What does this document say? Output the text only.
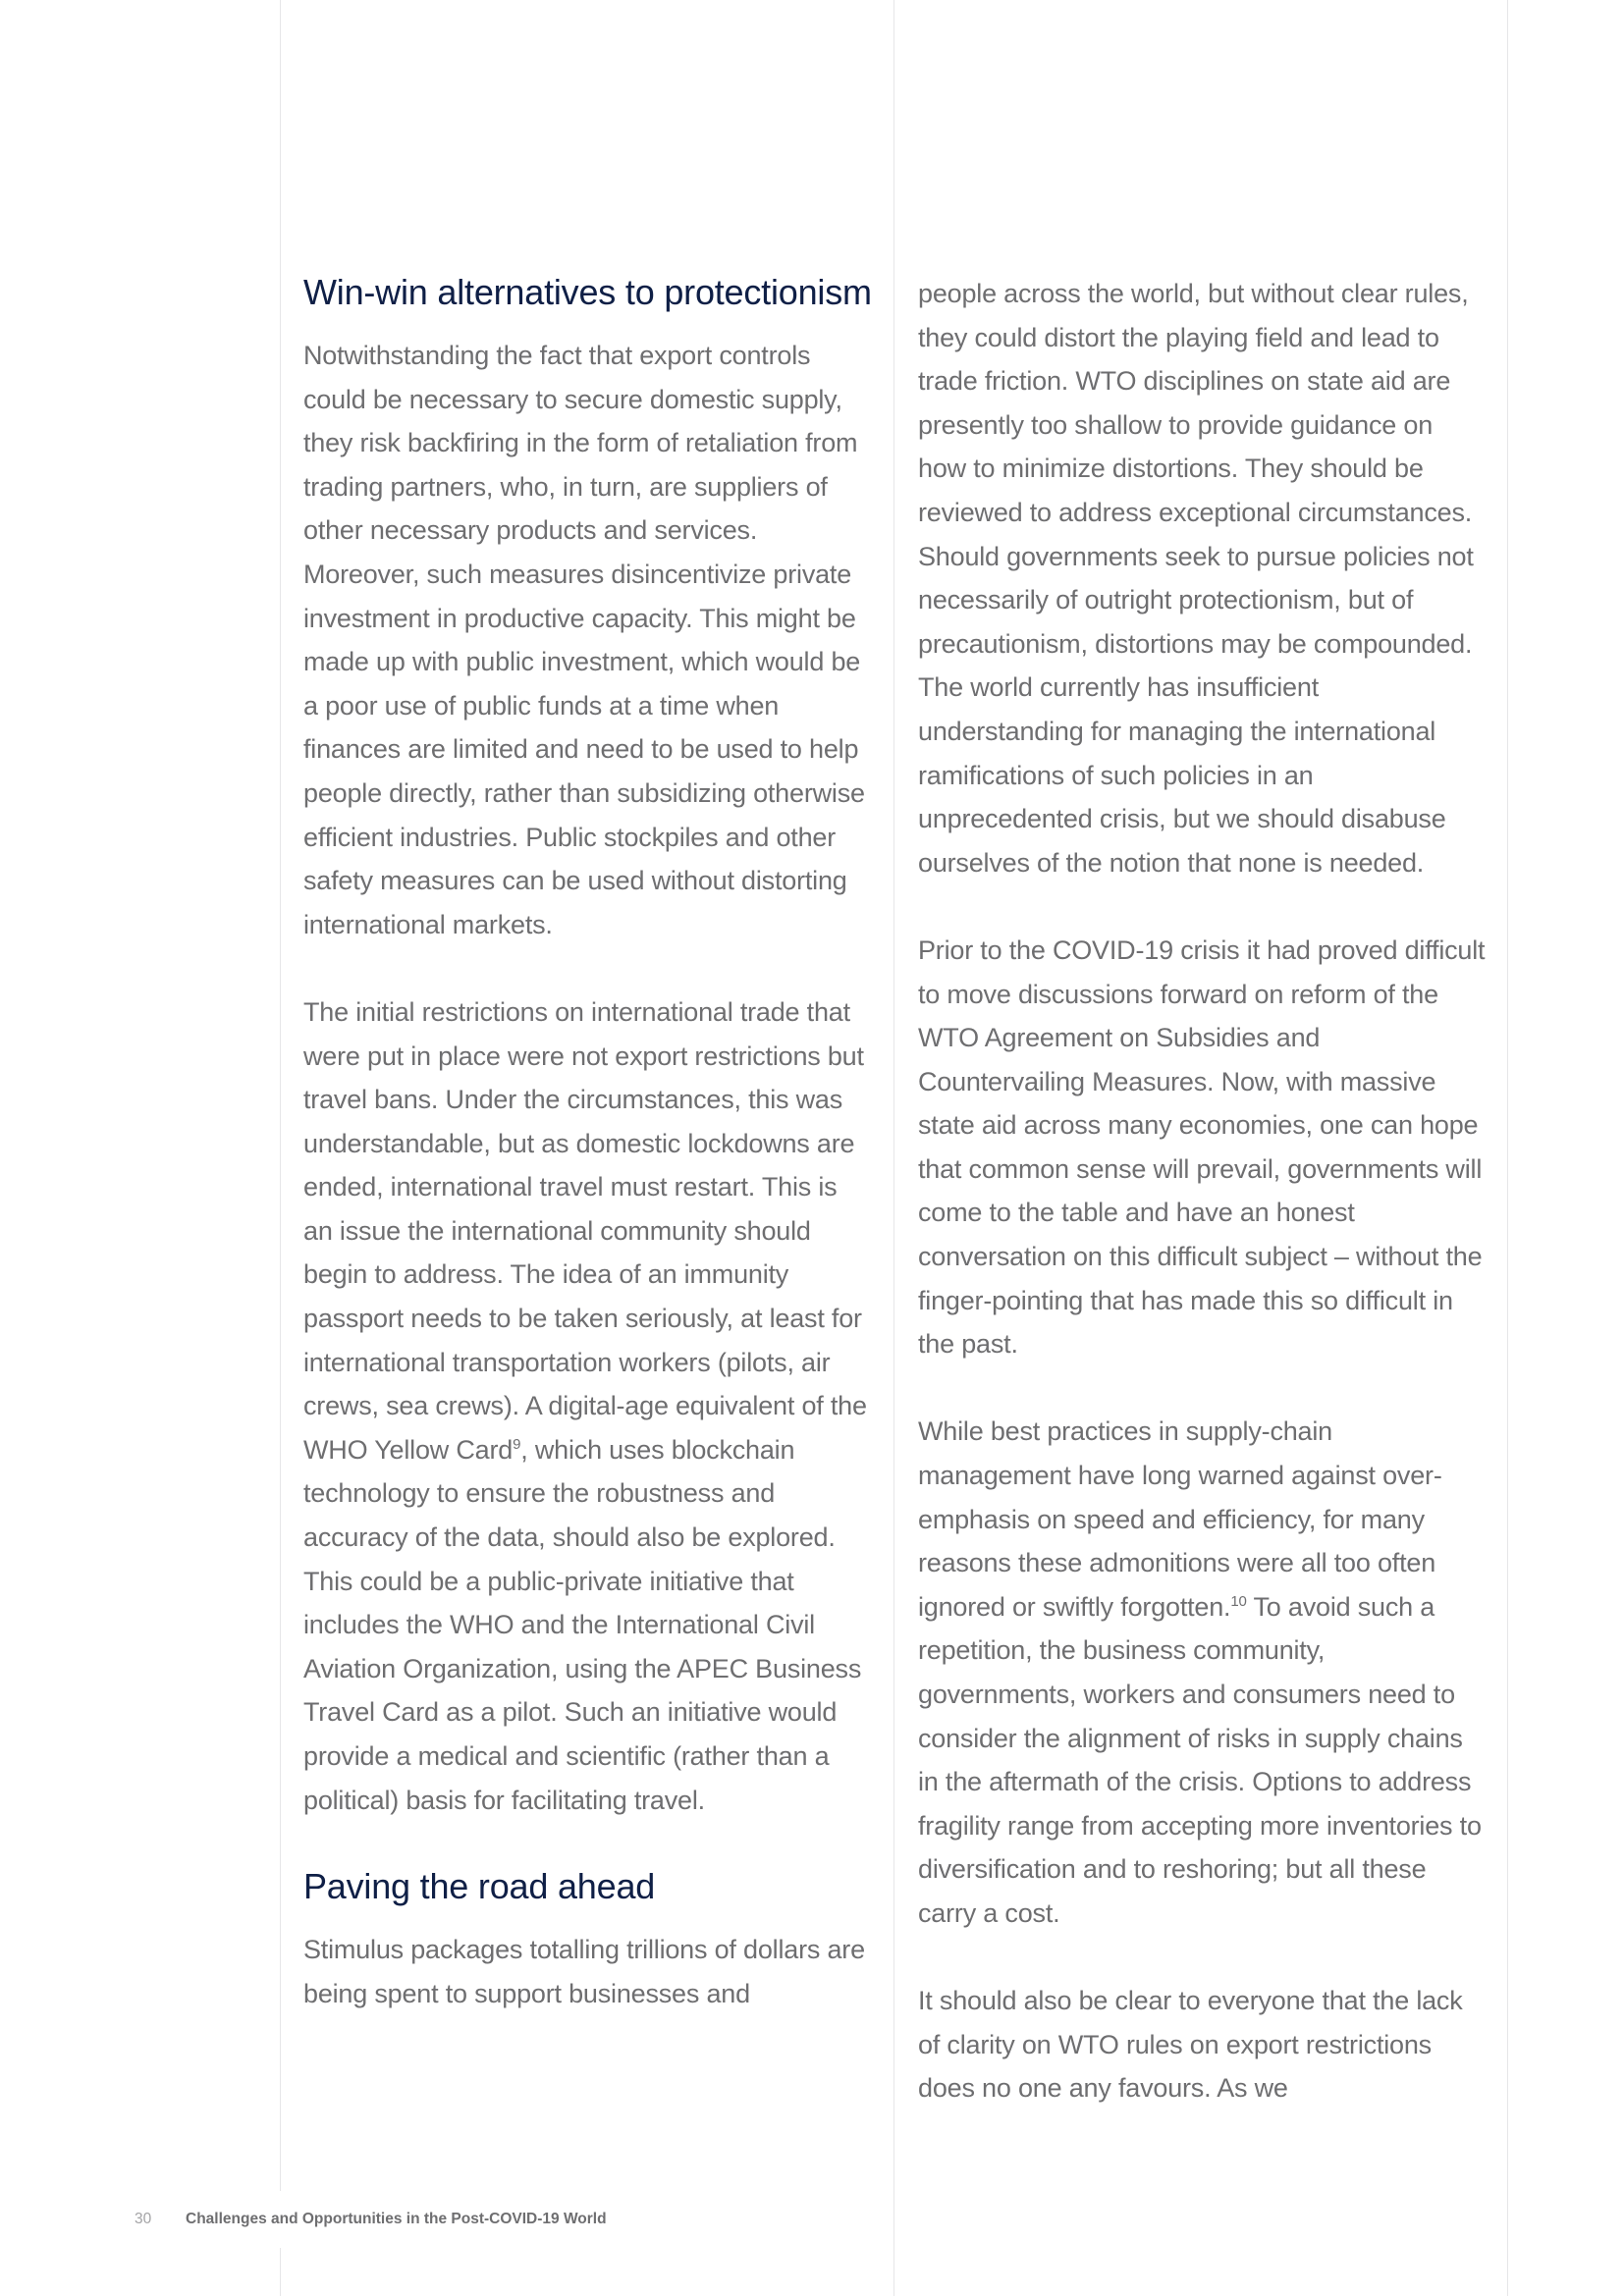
Win-win alternatives to protectionism

Notwithstanding the fact that export controls could be necessary to secure domestic supply, they risk backfiring in the form of retaliation from trading partners, who, in turn, are suppliers of other necessary products and services. Moreover, such measures disincentivize private investment in productive capacity. This might be made up with public investment, which would be a poor use of public funds at a time when finances are limited and need to be used to help people directly, rather than subsidizing otherwise efficient industries. Public stockpiles and other safety measures can be used without distorting international markets.

The initial restrictions on international trade that were put in place were not export restrictions but travel bans. Under the circumstances, this was understandable, but as domestic lockdowns are ended, international travel must restart. This is an issue the international community should begin to address. The idea of an immunity passport needs to be taken seriously, at least for international transportation workers (pilots, air crews, sea crews). A digital-age equivalent of the WHO Yellow Card$^9$, which uses blockchain technology to ensure the robustness and accuracy of the data, should also be explored. This could be a public-private initiative that includes the WHO and the International Civil Aviation Organization, using the APEC Business Travel Card as a pilot. Such an initiative would provide a medical and scientific (rather than a political) basis for facilitating travel.

Paving the road ahead

Stimulus packages totalling trillions of dollars are being spent to support businesses and

people across the world, but without clear rules, they could distort the playing field and lead to trade friction. WTO disciplines on state aid are presently too shallow to provide guidance on how to minimize distortions. They should be reviewed to address exceptional circumstances. Should governments seek to pursue policies not necessarily of outright protectionism, but of precautionism, distortions may be compounded. The world currently has insufficient understanding for managing the international ramifications of such policies in an unprecedented crisis, but we should disabuse ourselves of the notion that none is needed.

Prior to the COVID-19 crisis it had proved difficult to move discussions forward on reform of the WTO Agreement on Subsidies and Countervailing Measures. Now, with massive state aid across many economies, one can hope that common sense will prevail, governments will come to the table and have an honest conversation on this difficult subject – without the finger-pointing that has made this so difficult in the past.

While best practices in supply-chain management have long warned against over-emphasis on speed and efficiency, for many reasons these admonitions were all too often ignored or swiftly forgotten.$^{10}$ To avoid such a repetition, the business community, governments, workers and consumers need to consider the alignment of risks in supply chains in the aftermath of the crisis. Options to address fragility range from accepting more inventories to diversification and to reshoring; but all these carry a cost.

It should also be clear to everyone that the lack of clarity on WTO rules on export restrictions does no one any favours. As we

30 Challenges and Opportunities in the Post-COVID-19 World
